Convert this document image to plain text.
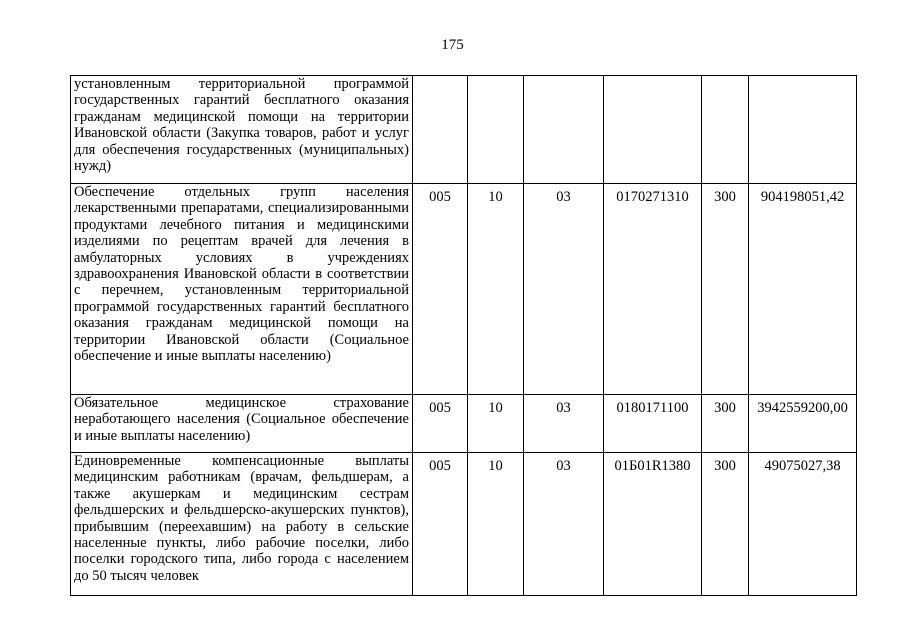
175
установленным территориальной программой государственных гарантий бесплатного оказания гражданам медицинской помощи на территории Ивановской области (Закупка товаров, работ и услуг для обеспечения государственных (муниципальных) нужд)						
Обеспечение отдельных групп населения лекарственными препаратами, специализированными продуктами лечебного питания и медицинскими изделиями по рецептам врачей для лечения в амбулаторных условиях в учреждениях здравоохранения Ивановской области в соответствии с перечнем, установленным территориальной программой государственных гарантий бесплатного оказания гражданам медицинской помощи на территории Ивановской области (Социальное обеспечение и иные выплаты населению)	005	10	03	0170271310	300	904198051,42
Обязательное медицинское страхование неработающего населения (Социальное обеспечение и иные выплаты населению)	005	10	03	0180171100	300	3942559200,00
Единовременные компенсационные выплаты медицинским работникам (врачам, фельдшерам, а также акушеркам и медицинским сестрам фельдшерских и фельдшерско-акушерских пунктов), прибывшим (переехавшим) на работу в сельские населенные пункты, либо рабочие поселки, либо поселки городского типа, либо города с населением до 50 тысяч человек	005	10	03	01Б01R1380	300	49075027,38
